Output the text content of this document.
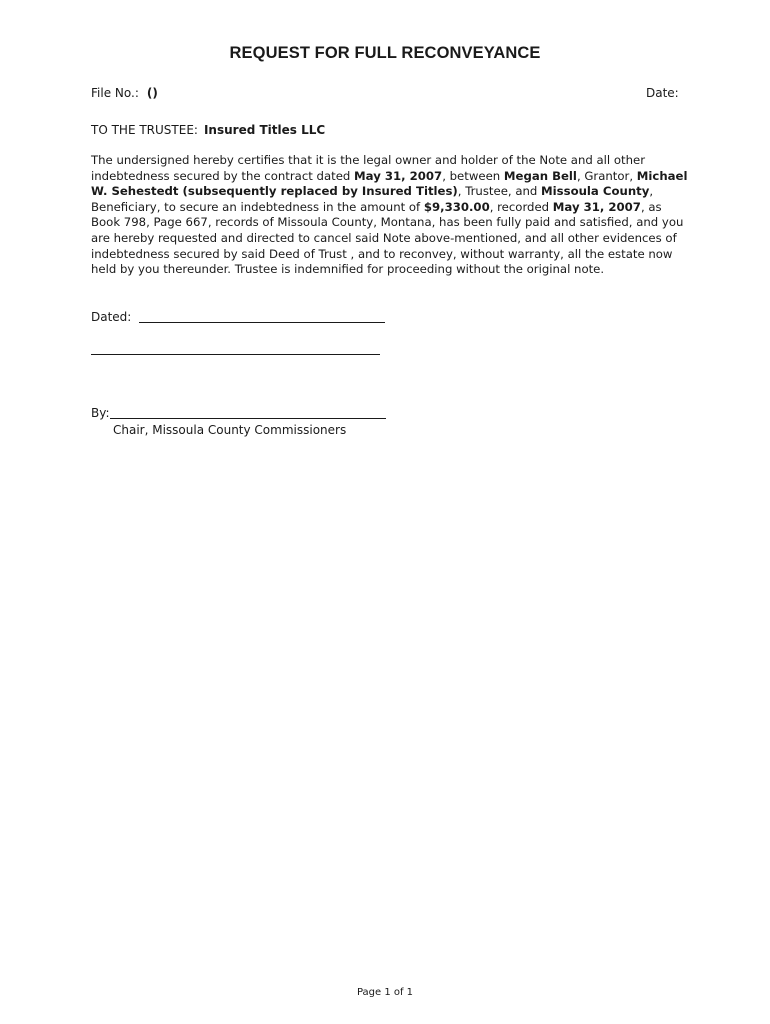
REQUEST FOR FULL RECONVEYANCE
File No.: ()	Date:
TO THE TRUSTEE: Insured Titles LLC
The undersigned hereby certifies that it is the legal owner and holder of the Note and all other indebtedness secured by the contract dated May 31, 2007, between Megan Bell, Grantor, Michael W. Sehestedt (subsequently replaced by Insured Titles), Trustee, and Missoula County, Beneficiary, to secure an indebtedness in the amount of $9,330.00, recorded May 31, 2007, as Book 798, Page 667, records of Missoula County, Montana, has been fully paid and satisfied, and you are hereby requested and directed to cancel said Note above-mentioned, and all other evidences of indebtedness secured by said Deed of Trust , and to reconvey, without warranty, all the estate now held by you thereunder. Trustee is indemnified for proceeding without the original note.
Dated:
By:
Chair, Missoula County Commissioners
Page 1 of 1
